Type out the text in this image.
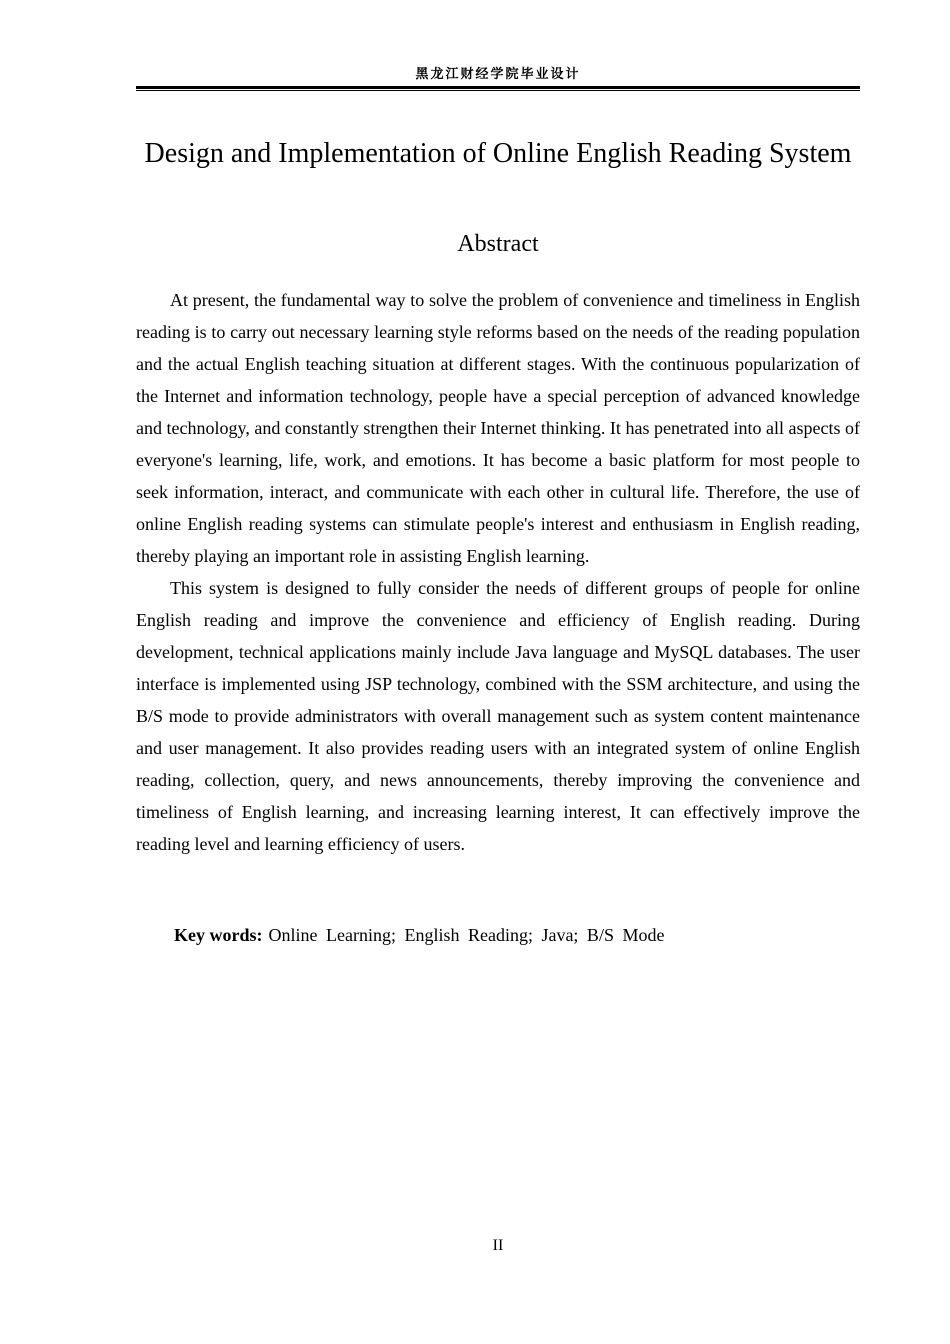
黑龙江财经学院毕业设计
Design and Implementation of Online English Reading System
Abstract

At present, the fundamental way to solve the problem of convenience and timeliness in English reading is to carry out necessary learning style reforms based on the needs of the reading population and the actual English teaching situation at different stages. With the continuous popularization of the Internet and information technology, people have a special perception of advanced knowledge and technology, and constantly strengthen their Internet thinking. It has penetrated into all aspects of everyone's learning, life, work, and emotions. It has become a basic platform for most people to seek information, interact, and communicate with each other in cultural life. Therefore, the use of online English reading systems can stimulate people's interest and enthusiasm in English reading, thereby playing an important role in assisting English learning.

This system is designed to fully consider the needs of different groups of people for online English reading and improve the convenience and efficiency of English reading. During development, technical applications mainly include Java language and MySQL databases. The user interface is implemented using JSP technology, combined with the SSM architecture, and using the B/S mode to provide administrators with overall management such as system content maintenance and user management. It also provides reading users with an integrated system of online English reading, collection, query, and news announcements, thereby improving the convenience and timeliness of English learning, and increasing learning interest, It can effectively improve the reading level and learning efficiency of users.

Key words: Online Learning; English Reading; Java; B/S Mode
II
